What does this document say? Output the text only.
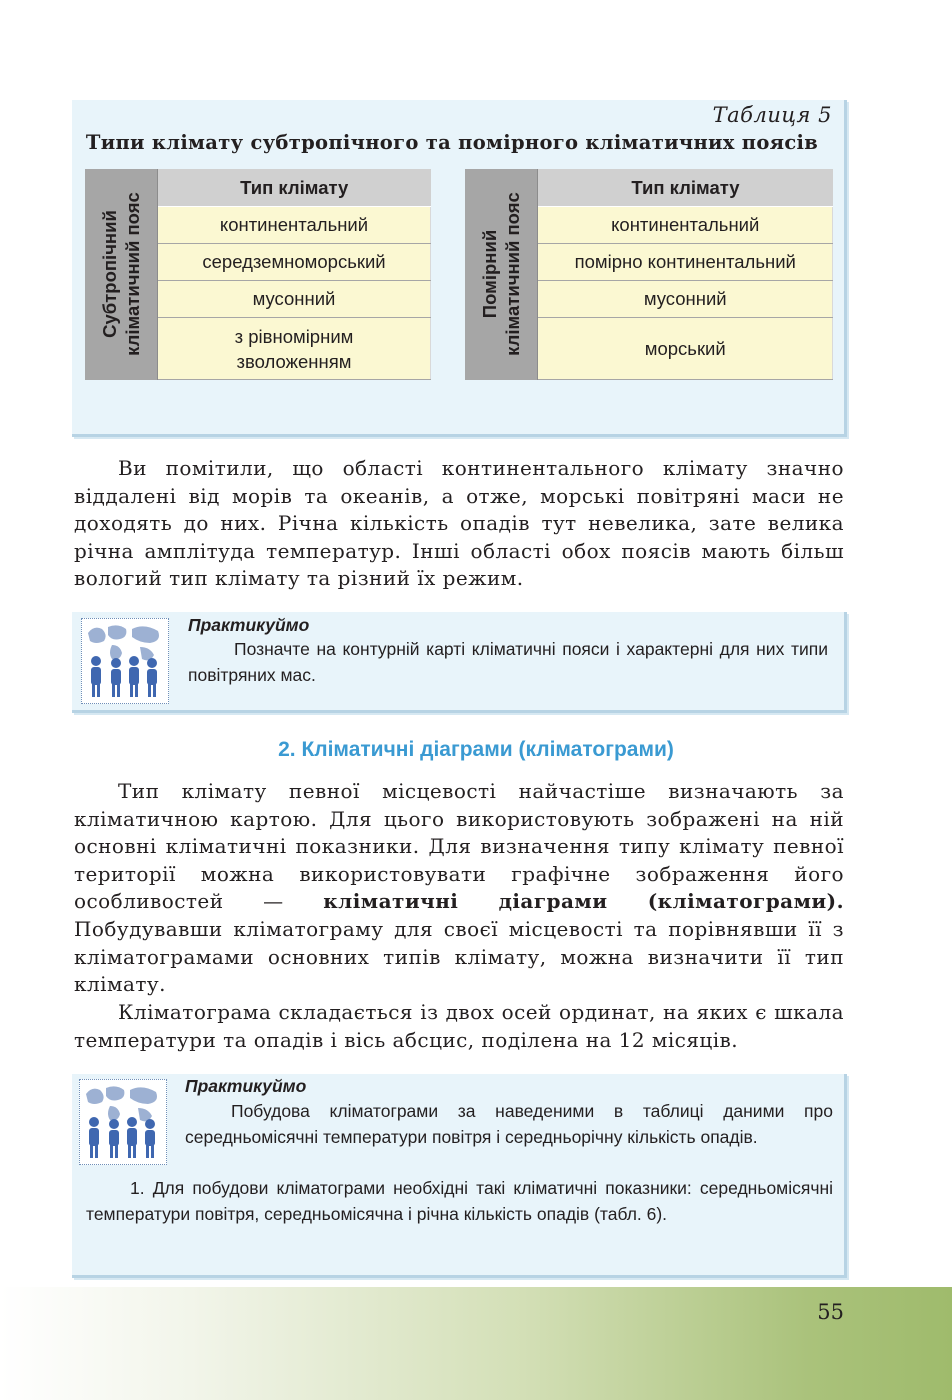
Таблиця 5
Типи клімату субтропічного та помірного кліматичних поясів
Субтропічний кліматичний пояс
	Тип клімату
континентальний
середземноморський
мусонний
з рівномірним зволоженням
Помірний кліматичний пояс
	Тип клімату
континентальний
помірно континентальний
мусонний
морський
Ви помітили, що області континентального клімату значно віддалені від морів та океанів, а отже, морські повітряні маси не доходять до них. Річна кількість опадів тут невелика, зате велика річна амплітуда температур. Інші області обох поясів мають більш вологий тип клімату та різний їх режим.
Практикуймо
Позначте на контурній карті кліматичні пояси і характерні для них типи повітряних мас.
2. Кліматичні діаграми (кліматограми)
Тип клімату певної місцевості найчастіше визначають за кліматичною картою. Для цього використовують зображені на ній основні кліматичні показники. Для визначення типу клімату певної території можна використовувати графічне зображення його особливостей — кліматичні діаграми (кліматограми). Побудувавши кліматограму для своєї місцевості та порівнявши її з кліматограмами основних типів клімату, можна визначити її тип клімату.
Кліматограма складається із двох осей ординат, на яких є шкала температури та опадів і вісь абсцис, поділена на 12 місяців.
Практикуймо
Побудова кліматограми за наведеними в таблиці даними про середньомісячні температури повітря і середньорічну кількість опадів.
1. Для побудови кліматограми необхідні такі кліматичні показники: середньомісячні температури повітря, середньомісячна і річна кількість опадів (табл. 6).
55
